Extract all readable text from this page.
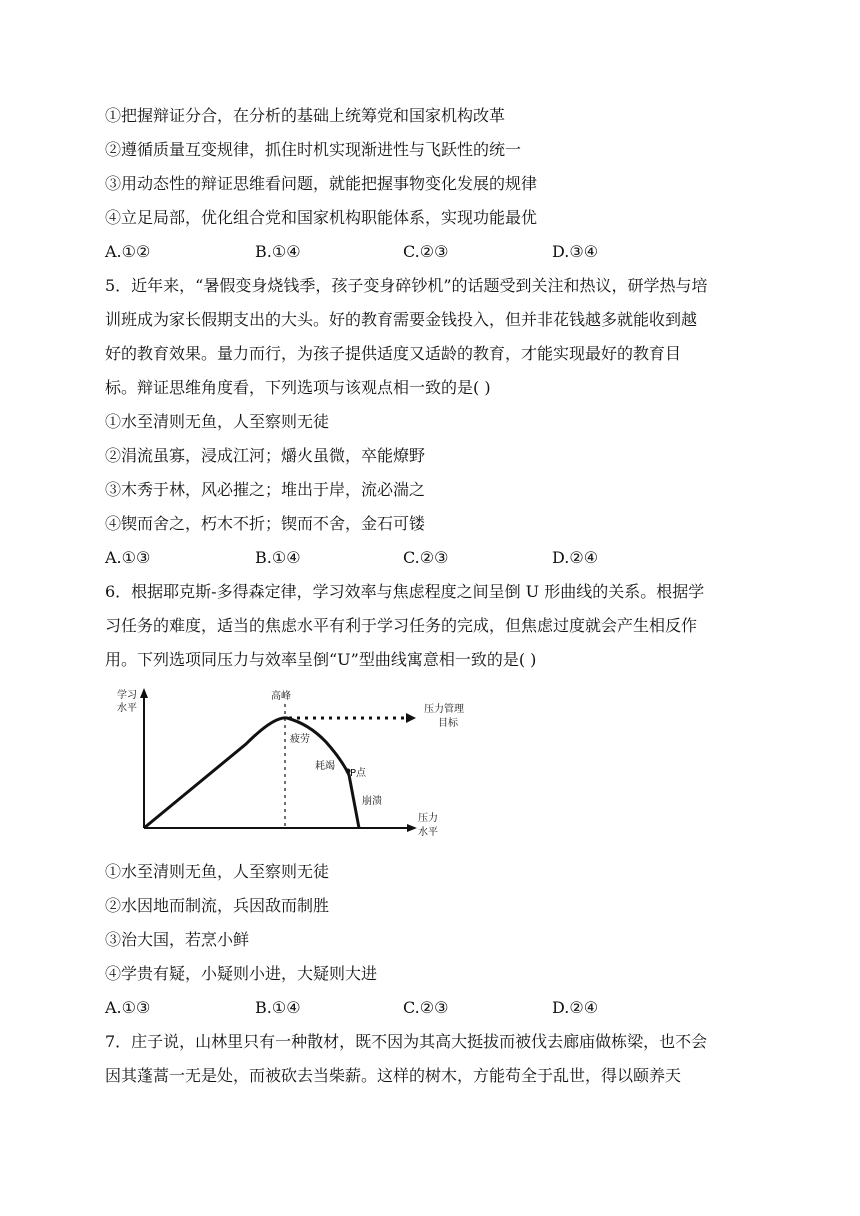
①把握辩证分合，在分析的基础上统筹党和国家机构改革
②遵循质量互变规律，抓住时机实现渐进性与飞跃性的统一
③用动态性的辩证思维看问题，就能把握事物变化发展的规律
④立足局部，优化组合党和国家机构职能体系，实现功能最优
A.①②	B.①④	C.②③	D.③④
5．近年来，“暑假变身烧钱季，孩子变身碎钞机”的话题受到关注和热议，研学热与培
训班成为家长假期支出的大头。好的教育需要金钱投入，但并非花钱越多就能收到越
好的教育效果。量力而行，为孩子提供适度又适龄的教育，才能实现最好的教育目
标。辩证思维角度看，下列选项与该观点相一致的是( )
①水至清则无鱼，人至察则无徒
②涓流虽寡，浸成江河；爝火虽微，卒能燎野
③木秀于林，风必摧之；堆出于岸，流必湍之
④锲而舍之，朽木不折；锲而不舍，金石可镂
A.①③	B.①④	C.②③	D.②④
6．根据耶克斯-多得森定律，学习效率与焦虑程度之间呈倒 U 形曲线的关系。根据学
习任务的难度，适当的焦虑水平有利于学习任务的完成，但焦虑过度就会产生相反作
用。下列选项同压力与效率呈倒“U”型曲线寓意相一致的是( )
学习
水平
高峰
压力管理
目标
疲劳
耗竭
P点
崩溃
压力
水平
①水至清则无鱼，人至察则无徒
②水因地而制流，兵因敌而制胜
③治大国，若烹小鲜
④学贵有疑，小疑则小进，大疑则大进
A.①③	B.①④	C.②③	D.②④
7．庄子说，山林里只有一种散材，既不因为其高大挺拔而被伐去廊庙做栋梁，也不会
因其蓬蒿一无是处，而被砍去当柴薪。这样的树木，方能苟全于乱世，得以颐养天
